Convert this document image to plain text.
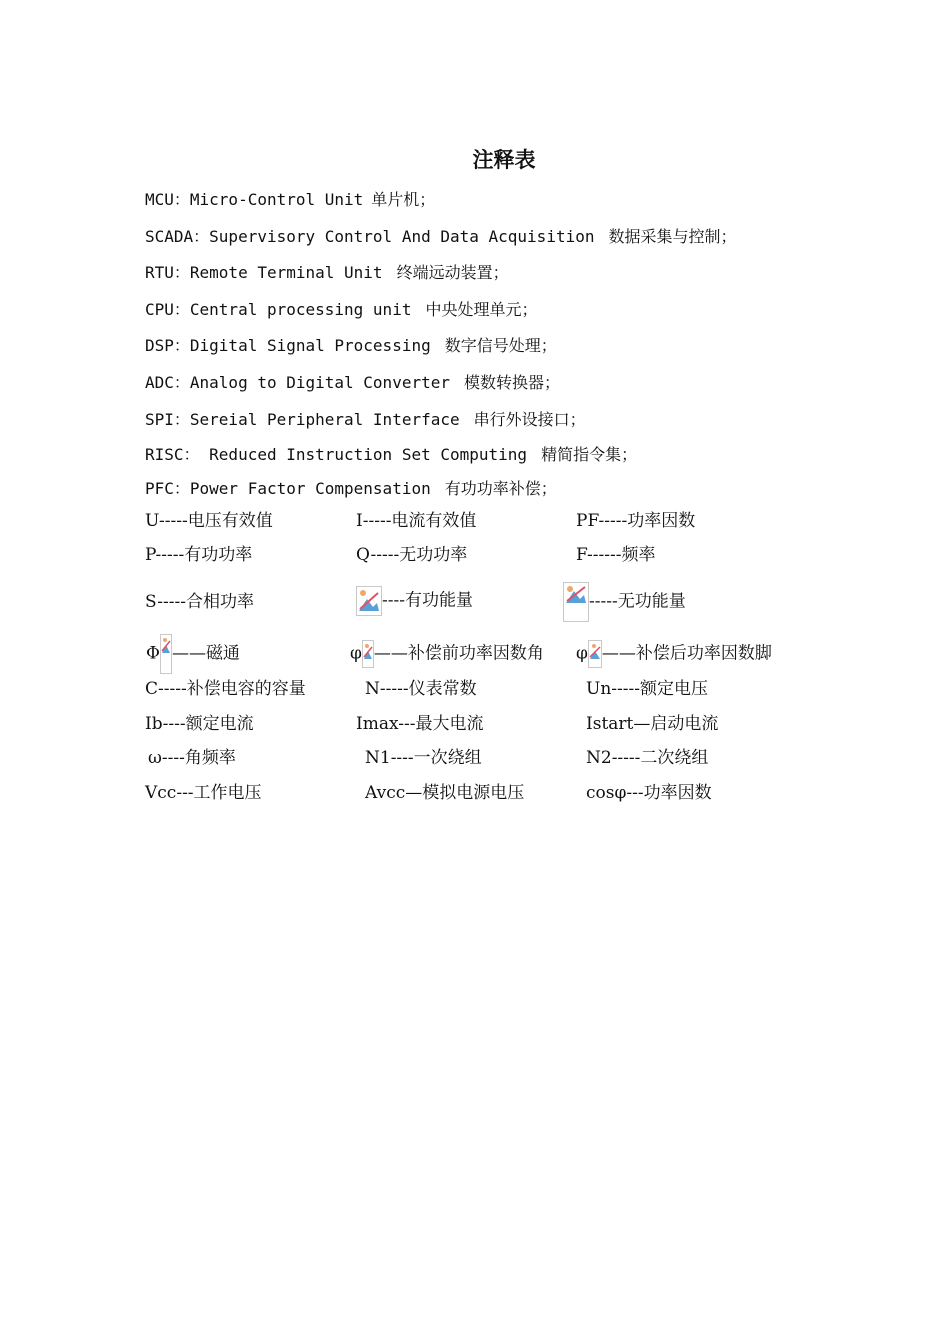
注释表
MCU：Micro-Control Unit 单片机；
SCADA：Supervisory Control And Data Acquisition 数据采集与控制；
RTU：Remote Terminal Unit 终端远动装置；
CPU：Central processing unit 中央处理单元；
DSP：Digital Signal Processing 数字信号处理；
ADC：Analog to Digital Converter 模数转换器；
SPI：Sereial Peripheral Interface 串行外设接口；
RISC： Reduced Instruction Set Computing 精简指令集；
PFC：Power Factor Compensation 有功功率补偿；
U-----电压有效值	I-----电流有效值	PF-----功率因数
P-----有功功率	Q-----无功功率	F------频率
S-----合相功率	----有功能量	-----无功能量
Φ ——磁通	φ ——补偿前功率因数角 φ ——补偿后功率因数脚
C-----补偿电容的容量	N-----仪表常数	Un-----额定电压
Ib----额定电流	Imax---最大电流	Istart—启动电流
ω----角频率	N1----一次绕组	N2-----二次绕组
Vcc---工作电压	Avcc—模拟电源电压	cosφ---功率因数
